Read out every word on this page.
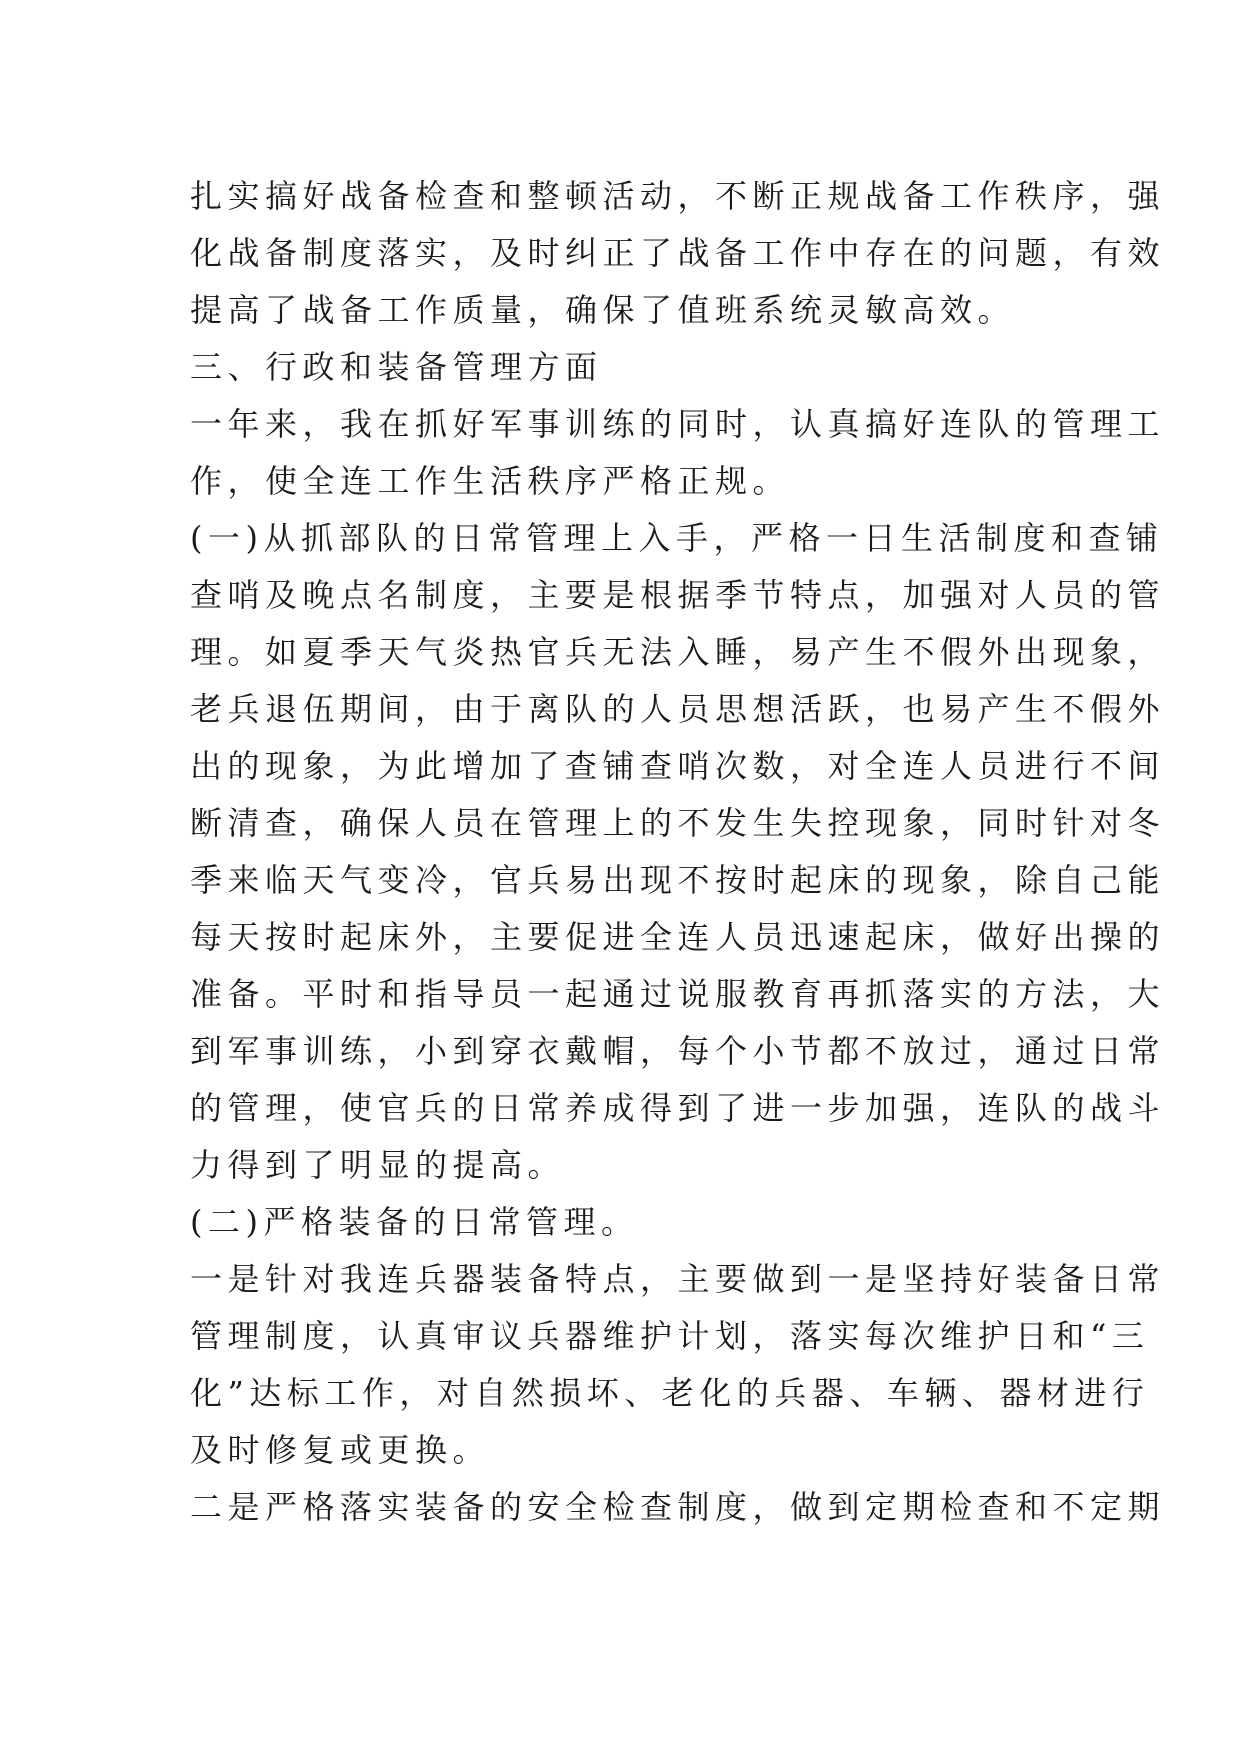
扎实搞好战备检查和整顿活动，不断正规战备工作秩序，强
化战备制度落实，及时纠正了战备工作中存在的问题，有效
提高了战备工作质量，确保了值班系统灵敏高效。
三、行政和装备管理方面
一年来，我在抓好军事训练的同时，认真搞好连队的管理工
作，使全连工作生活秩序严格正规。
(一)从抓部队的日常管理上入手，严格一日生活制度和查铺
查哨及晚点名制度，主要是根据季节特点，加强对人员的管
理。如夏季天气炎热官兵无法入睡，易产生不假外出现象，
老兵退伍期间，由于离队的人员思想活跃，也易产生不假外
出的现象，为此增加了查铺查哨次数，对全连人员进行不间
断清查，确保人员在管理上的不发生失控现象，同时针对冬
季来临天气变冷，官兵易出现不按时起床的现象，除自己能
每天按时起床外，主要促进全连人员迅速起床，做好出操的
准备。平时和指导员一起通过说服教育再抓落实的方法，大
到军事训练，小到穿衣戴帽，每个小节都不放过，通过日常
的管理，使官兵的日常养成得到了进一步加强，连队的战斗
力得到了明显的提高。
(二)严格装备的日常管理。
一是针对我连兵器装备特点，主要做到一是坚持好装备日常
管理制度，认真审议兵器维护计划，落实每次维护日和“三
化”达标工作，对自然损坏、老化的兵器、车辆、器材进行
及时修复或更换。
二是严格落实装备的安全检查制度，做到定期检查和不定期
